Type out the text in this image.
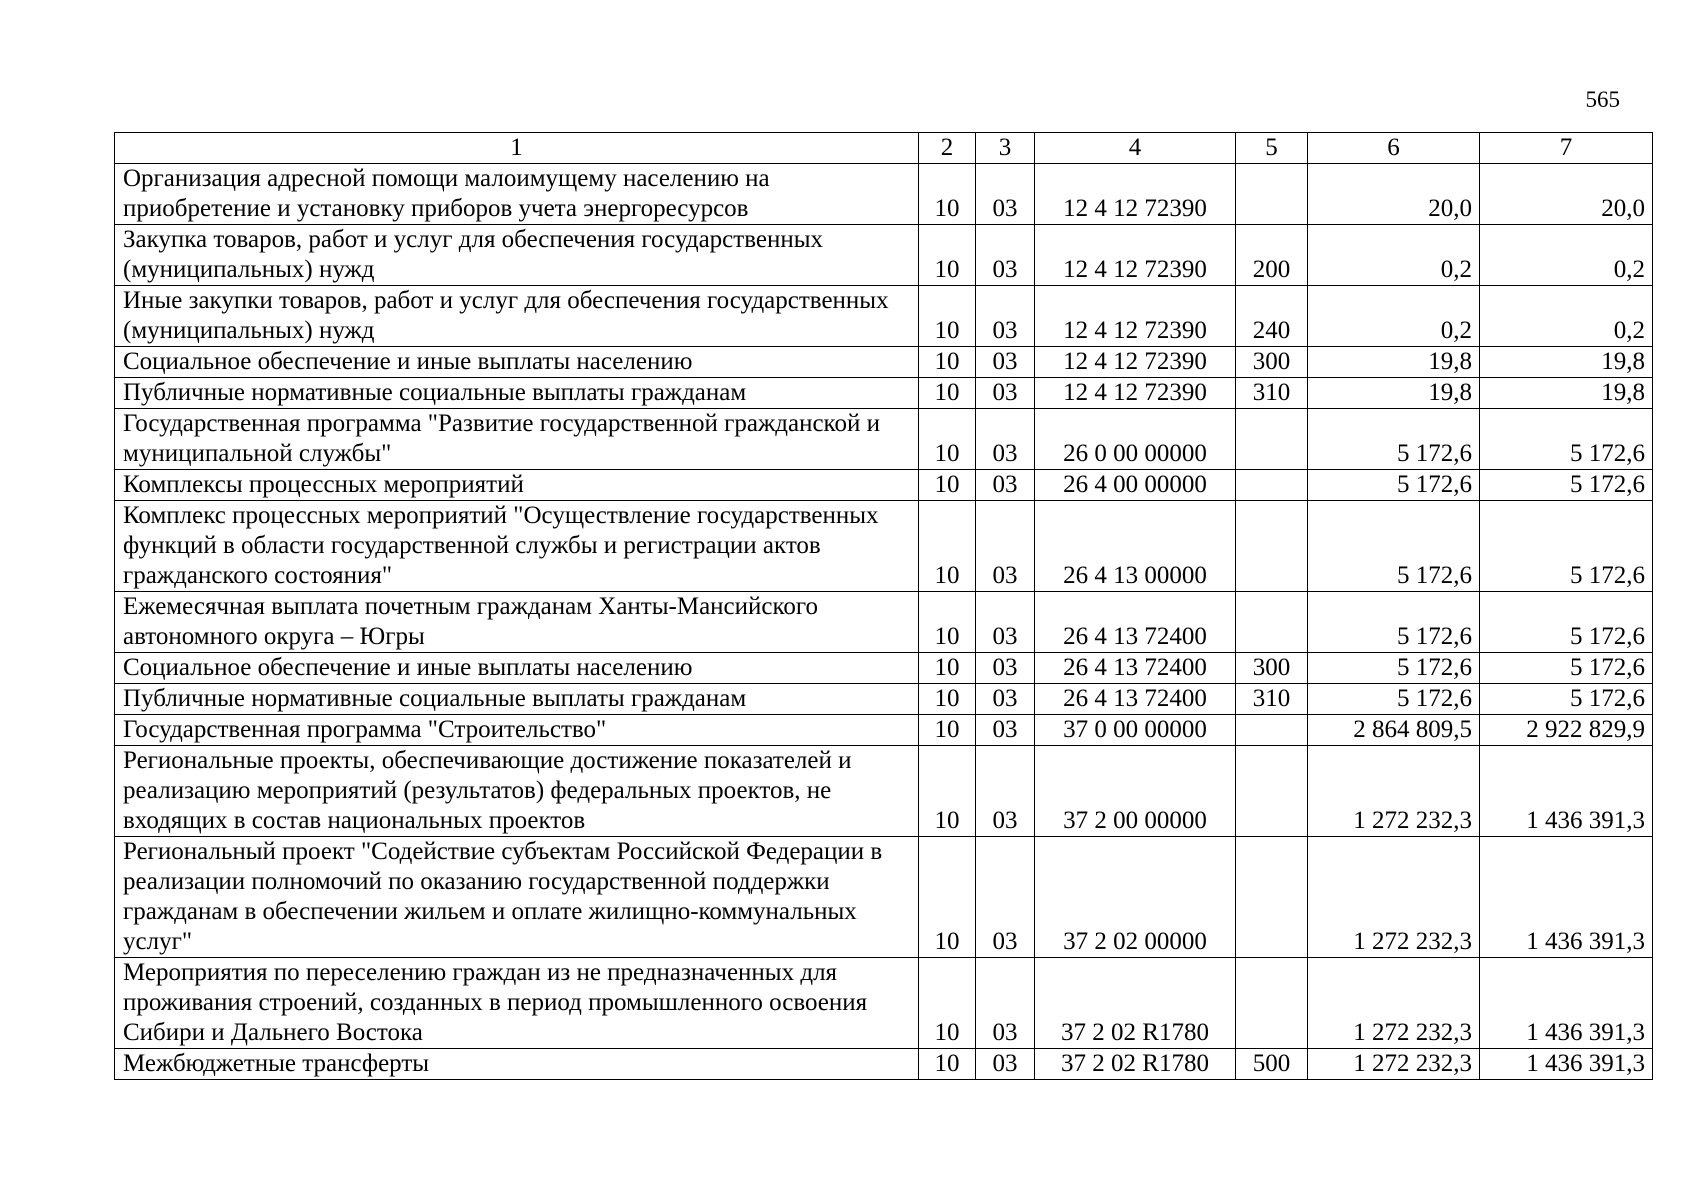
565
1	2	3	4	5	6	7
Организация адресной помощи малоимущему населению на приобретение и установку приборов учета энергоресурсов	10	03	12 4 12 72390		20,0	20,0
Закупка товаров, работ и услуг для обеспечения государственных (муниципальных) нужд	10	03	12 4 12 72390	200	0,2	0,2
Иные закупки товаров, работ и услуг для обеспечения государственных (муниципальных) нужд	10	03	12 4 12 72390	240	0,2	0,2
Социальное обеспечение и иные выплаты населению	10	03	12 4 12 72390	300	19,8	19,8
Публичные нормативные социальные выплаты гражданам	10	03	12 4 12 72390	310	19,8	19,8
Государственная программа "Развитие государственной гражданской и муниципальной службы"	10	03	26 0 00 00000		5 172,6	5 172,6
Комплексы процессных мероприятий	10	03	26 4 00 00000		5 172,6	5 172,6
Комплекс процессных мероприятий "Осуществление государственных функций в области государственной службы и регистрации актов гражданского состояния"	10	03	26 4 13 00000		5 172,6	5 172,6
Ежемесячная выплата почетным гражданам Ханты-Мансийского автономного округа – Югры	10	03	26 4 13 72400		5 172,6	5 172,6
Социальное обеспечение и иные выплаты населению	10	03	26 4 13 72400	300	5 172,6	5 172,6
Публичные нормативные социальные выплаты гражданам	10	03	26 4 13 72400	310	5 172,6	5 172,6
Государственная программа "Строительство"	10	03	37 0 00 00000		2 864 809,5	2 922 829,9
Региональные проекты, обеспечивающие достижение показателей и реализацию мероприятий (результатов) федеральных проектов, не входящих в состав национальных проектов	10	03	37 2 00 00000		1 272 232,3	1 436 391,3
Региональный проект "Содействие субъектам Российской Федерации в реализации полномочий по оказанию государственной поддержки гражданам в обеспечении жильем и оплате жилищно-коммунальных услуг"	10	03	37 2 02 00000		1 272 232,3	1 436 391,3
Мероприятия по переселению граждан из не предназначенных для проживания строений, созданных в период промышленного освоения Сибири и Дальнего Востока	10	03	37 2 02 R1780		1 272 232,3	1 436 391,3
Межбюджетные трансферты	10	03	37 2 02 R1780	500	1 272 232,3	1 436 391,3
